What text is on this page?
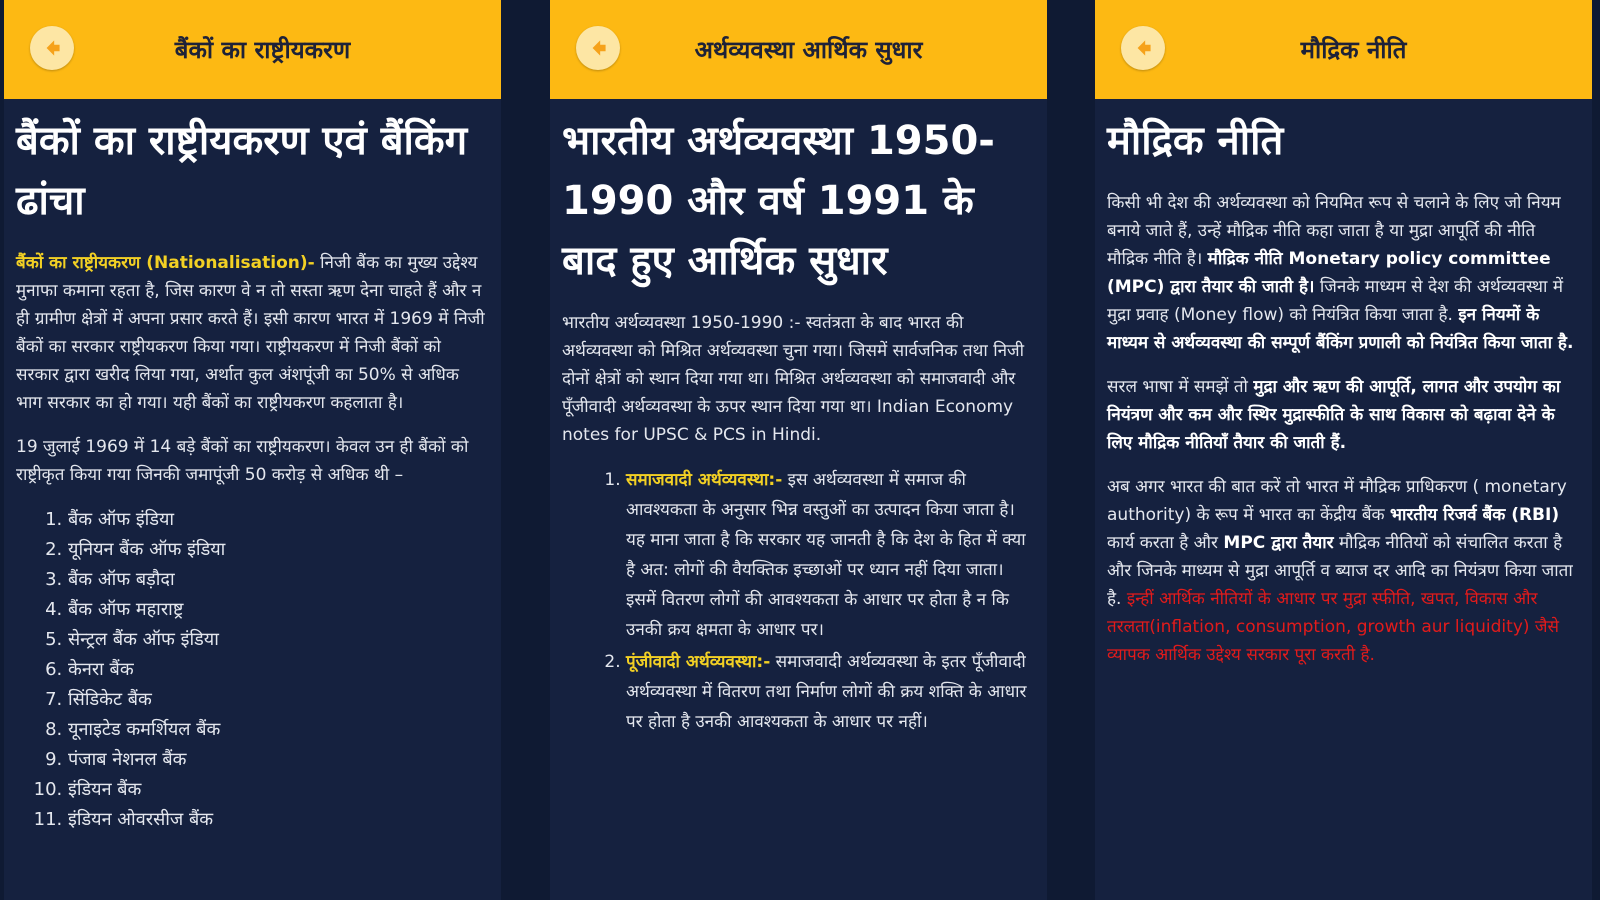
बैंकों का राष्ट्रीयकरण
बैंकों का राष्ट्रीयकरण एवं बैंकिंग ढांचा

बैंकों का राष्ट्रीयकरण (Nationalisation)- निजी बैंक का मुख्य उद्देश्य मुनाफा कमाना रहता है, जिस कारण वे न तो सस्ता ऋण देना चाहते हैं और न ही ग्रामीण क्षेत्रों में अपना प्रसार करते हैं। इसी कारण भारत में 1969 में निजी बैंकों का सरकार राष्ट्रीयकरण किया गया। राष्ट्रीयकरण में निजी बैंकों को सरकार द्वारा खरीद लिया गया, अर्थात कुल अंशपूंजी का 50% से अधिक भाग सरकार का हो गया। यही बैंकों का राष्ट्रीयकरण कहलाता है।

19 जुलाई 1969 में 14 बड़े बैंकों का राष्ट्रीयकरण। केवल उन ही बैंकों को राष्ट्रीकृत किया गया जिनकी जमापूंजी 50 करोड़ से अधिक थी –

1. बैंक ऑफ इंडिया
2. यूनियन बैंक ऑफ इंडिया
3. बैंक ऑफ बड़ौदा
4. बैंक ऑफ महाराष्ट्र
5. सेन्ट्रल बैंक ऑफ इंडिया
6. केनरा बैंक
7. सिंडिकेट बैंक
8. यूनाइटेड कमर्शियल बैंक
9. पंजाब नेशनल बैंक
10. इंडियन बैंक
11. इंडियन ओवरसीज बैंक
अर्थव्यवस्था आर्थिक सुधार
भारतीय अर्थव्यवस्था 1950-1990 और वर्ष 1991 के बाद हुए आर्थिक सुधार

भारतीय अर्थव्यवस्था 1950-1990 :- स्वतंत्रता के बाद भारत की अर्थव्यवस्था को मिश्रित अर्थव्यवस्था चुना गया। जिसमें सार्वजनिक तथा निजी दोनों क्षेत्रों को स्थान दिया गया था। मिश्रित अर्थव्यवस्था को समाजवादी और पूँजीवादी अर्थव्यवस्था के ऊपर स्थान दिया गया था। Indian Economy notes for UPSC & PCS in Hindi.

1. समाजवादी अर्थव्यवस्था:- इस अर्थव्यवस्था में समाज की आवश्यकता के अनुसार भिन्न वस्तुओं का उत्पादन किया जाता है। यह माना जाता है कि सरकार यह जानती है कि देश के हित में क्या है अत: लोगों की वैयक्तिक इच्छाओं पर ध्यान नहीं दिया जाता। इसमें वितरण लोगों की आवश्यकता के आधार पर होता है न कि उनकी क्रय क्षमता के आधार पर।
2. पूंजीवादी अर्थव्यवस्था:- समाजवादी अर्थव्यवस्था के इतर पूँजीवादी अर्थव्यवस्था में वितरण तथा निर्माण लोगों की क्रय शक्ति के आधार पर होता है उनकी आवश्यकता के आधार पर नहीं।
मौद्रिक नीति
मौद्रिक नीति

किसी भी देश की अर्थव्यवस्था को नियमित रूप से चलाने के लिए जो नियम बनाये जाते हैं, उन्हें मौद्रिक नीति कहा जाता है या मुद्रा आपूर्ति की नीति मौद्रिक नीति है। मौद्रिक नीति Monetary policy committee (MPC) द्वारा तैयार की जाती है। जिनके माध्यम से देश की अर्थव्यवस्था में मुद्रा प्रवाह (Money flow) को नियंत्रित किया जाता है. इन नियमों के माध्यम से अर्थव्यवस्था की सम्पूर्ण बैंकिंग प्रणाली को नियंत्रित किया जाता है.

सरल भाषा में समझें तो मुद्रा और ऋण की आपूर्ति, लागत और उपयोग का नियंत्रण और कम और स्थिर मुद्रास्फीति के साथ विकास को बढ़ावा देने के लिए मौद्रिक नीतियाँ तैयार की जाती हैं.

अब अगर भारत की बात करें तो भारत में मौद्रिक प्राधिकरण ( monetary authority) के रूप में भारत का केंद्रीय बैंक भारतीय रिजर्व बैंक (RBI) कार्य करता है और MPC द्वारा तैयार मौद्रिक नीतियों को संचालित करता है और जिनके माध्यम से मुद्रा आपूर्ति व ब्याज दर आदि का नियंत्रण किया जाता है. इन्हीं आर्थिक नीतियों के आधार पर मुद्रा स्फीति, खपत, विकास और तरलता(inflation, consumption, growth aur liquidity) जैसे व्यापक आर्थिक उद्देश्य सरकार पूरा करती है.
